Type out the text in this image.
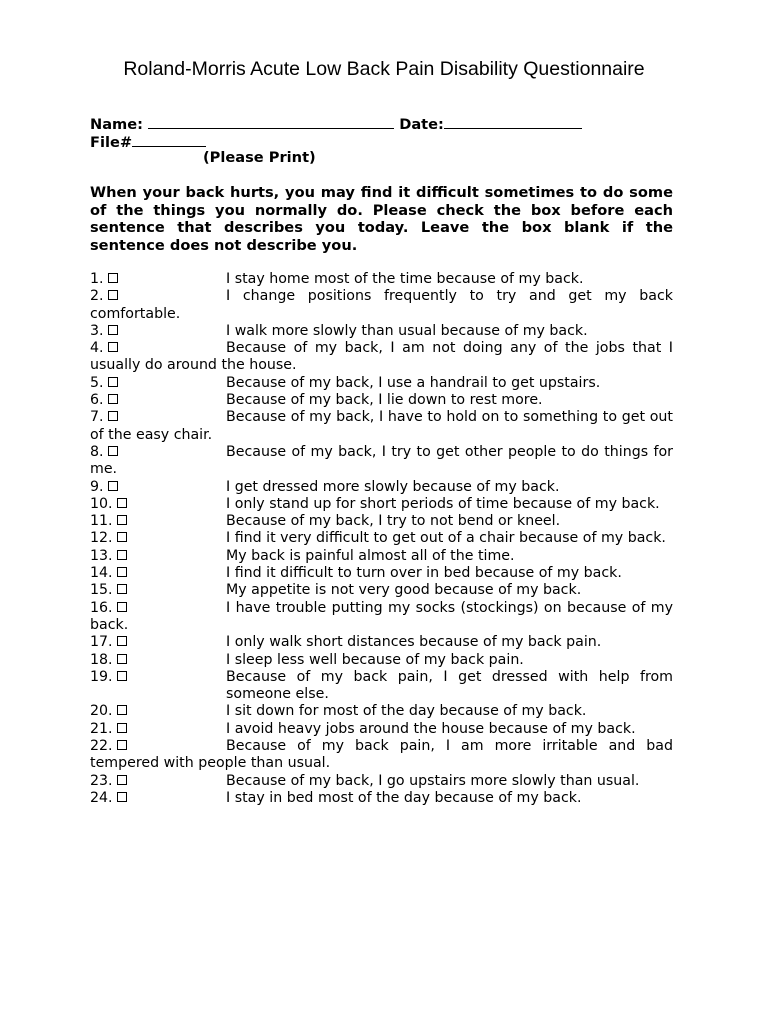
Roland-Morris Acute Low Back Pain Disability Questionnaire
Name:	Date:
File#
(Please Print)
When your back hurts, you may find it difficult sometimes to do some of the things you normally do. Please check the box before each sentence that describes you today. Leave the box blank if the sentence does not describe you.
1.	I stay home most of the time because of my back.
2.	I change positions frequently to try and get my back comfortable.
3.	I walk more slowly than usual because of my back.
4.	Because of my back, I am not doing any of the jobs that I usually do around the house.
5.	Because of my back, I use a handrail to get upstairs.
6.	Because of my back, I lie down to rest more.
7.	Because of my back, I have to hold on to something to get out of the easy chair.
8.	Because of my back, I try to get other people to do things for me.
9.	I get dressed more slowly because of my back.
10.	I only stand up for short periods of time because of my back.
11.	Because of my back, I try to not bend or kneel.
12.	I find it very difficult to get out of a chair because of my back.
13.	My back is painful almost all of the time.
14.	I find it difficult to turn over in bed because of my back.
15.	My appetite is not very good because of my back.
16.	I have trouble putting my socks (stockings) on because of my back.
17.	I only walk short distances because of my back pain.
18.	I sleep less well because of my back pain.
19.	Because of my back pain, I get dressed with help from someone else.
20.	I sit down for most of the day because of my back.
21.	I avoid heavy jobs around the house because of my back.
22.	Because of my back pain, I am more irritable and bad tempered with people than usual.
23.	Because of my back, I go upstairs more slowly than usual.
24.	I stay in bed most of the day because of my back.
